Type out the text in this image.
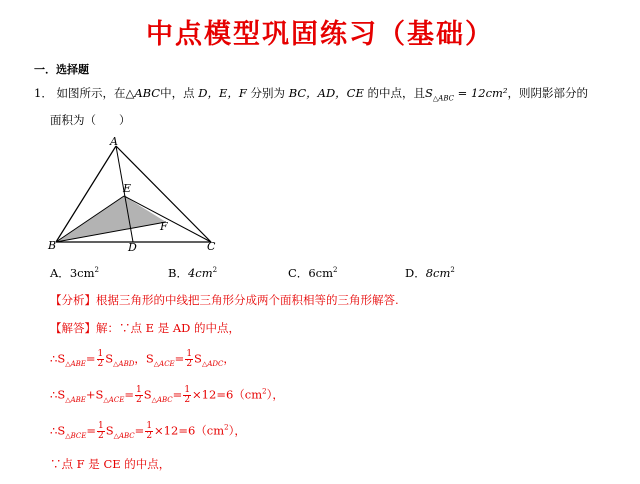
中点模型巩固练习（基础）
一．选择题
1． 如图所示，在△ABC中，点 D，E，F 分别为 BC，AD，CE 的中点，且$S_{\triangle ABC} = 12cm^2$，则阴影部分的
面积为（　　）
A
B	C
D
E
F
A．$3cm^2$	B．$4cm^2$	C．$6cm^2$	D．$8cm^2$
【分析】根据三角形的中线把三角形分成两个面积相等的三角形解答.
【解答】解：∵点 E 是 AD 的中点，
$\therefore S_{\triangle ABE}= \frac{1}{2} S_{\triangle ABD}$，$S_{\triangle ACE}= \frac{1}{2} S_{\triangle ADC}$，
$\therefore S_{\triangle ABE}+S_{\triangle ACE}= \frac{1}{2} S_{\triangle ABC}= \frac{1}{2} \times 12=6(cm^2)$，
$\therefore S_{\triangle BCE}= \frac{1}{2} S_{\triangle ABC}= \frac{1}{2} \times 12=6(cm^2)$，
∵点 F 是 CE 的中点，
